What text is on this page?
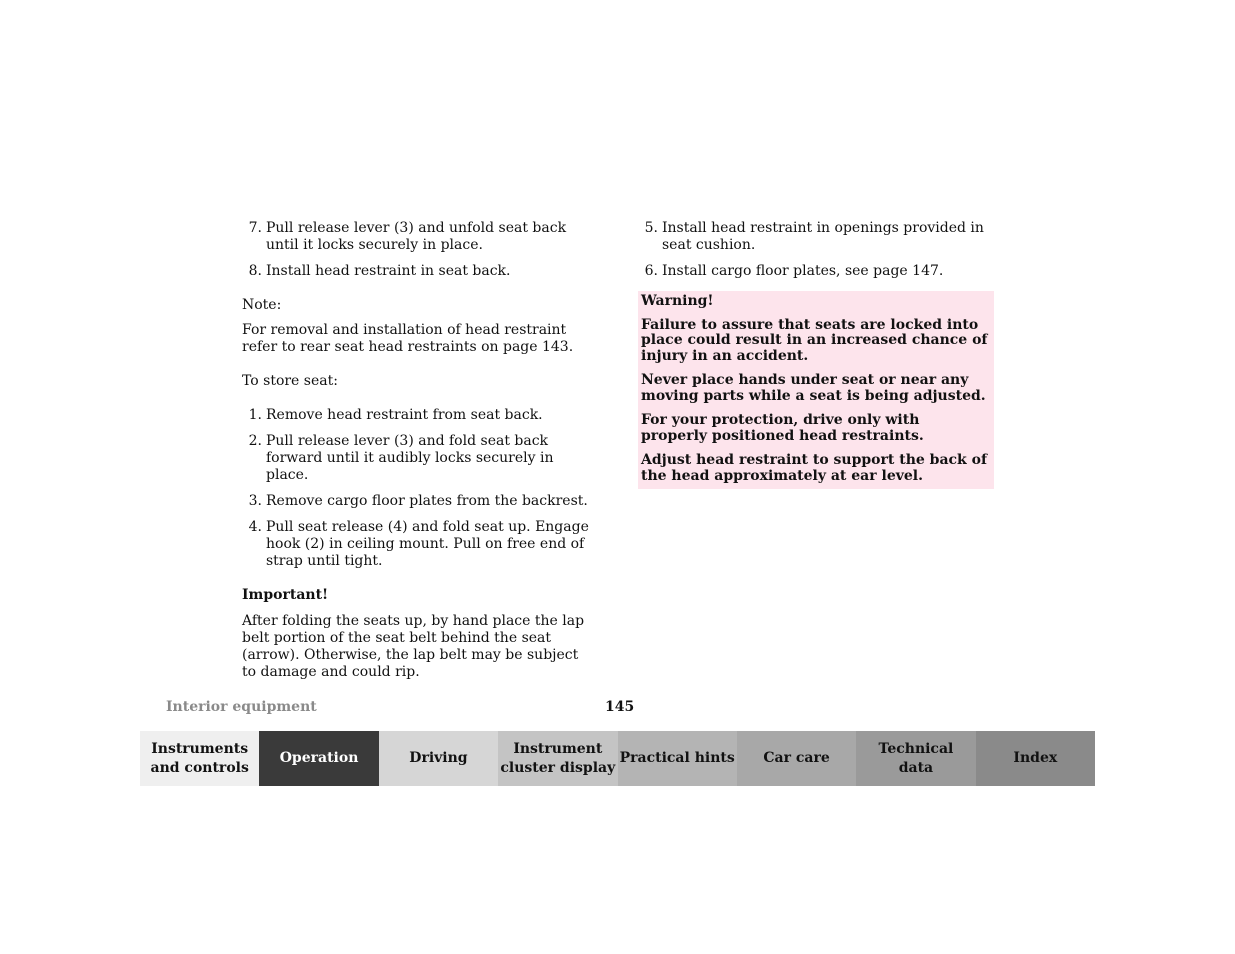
7. Pull release lever (3) and unfold seat back until it locks securely in place.
8. Install head restraint in seat back.

Note:

For removal and installation of head restraint refer to rear seat head restraints on page 143.

To store seat:

1. Remove head restraint from seat back.
2. Pull release lever (3) and fold seat back forward until it audibly locks securely in place.
3. Remove cargo floor plates from the backrest.
4. Pull seat release (4) and fold seat up. Engage hook (2) in ceiling mount. Pull on free end of strap until tight.

Important!

After folding the seats up, by hand place the lap belt portion of the seat belt behind the seat (arrow). Otherwise, the lap belt may be subject to damage and could rip.

5. Install head restraint in openings provided in seat cushion.
6. Install cargo floor plates, see page 147.

Warning!

Failure to assure that seats are locked into place could result in an increased chance of injury in an accident.

Never place hands under seat or near any moving parts while a seat is being adjusted.

For your protection, drive only with properly positioned head restraints.

Adjust head restraint to support the back of the head approximately at ear level.

Interior equipment	145
Instruments
and controls
Operation	Driving
Instrument
cluster display
Practical hints	Car care
Technical
data
Index
